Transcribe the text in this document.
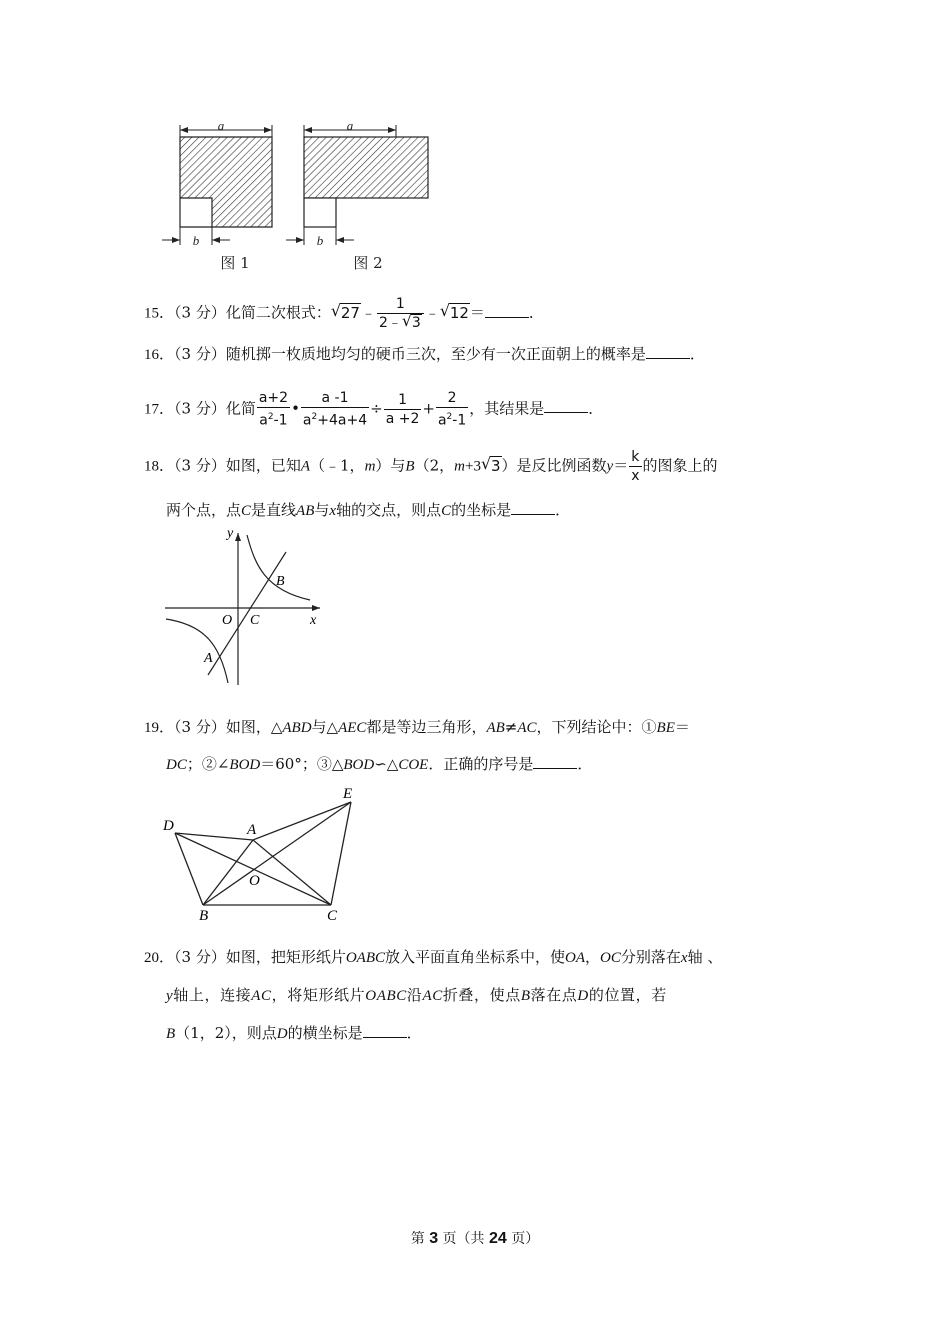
a
b
图 1
a
b
图 2
15．（3 分）化简二次根式： √ 27﹣ $\frac{1}{2﹣ √ 3}$ ﹣ √ 12＝	．
16．（3 分）随机掷一枚质地均匀的硬币三次，至少有一次正面朝上的概率是	．
17．（3 分）化简 $\frac{a+2}{a^2-1}$ • $\frac{a -1}{a^2+4a+4} \div \frac{1}{a +2} + \frac{2}{a^2-1}$ ，其结果是	．
18．（3 分）如图，已知A（﹣1，m）与B（2，m+3 √ 3）是反比例函数$y= \frac{k}{x}$ 的图象上的
两个点，点C是直线AB与x轴的交点，则点C的坐标是	．
y
x
O C
B
A
19．（3 分）如图，△ABD与△AEC都是等边三角形，AB≠AC，下列结论中：①BE＝
DC；②∠BOD＝60°；③△BOD∽△COE．正确的序号是	．
D	A
E
O
B	C
20．（3 分）如图，把矩形纸片OABC放入平面直角坐标系中，使OA，OC分别落在x轴 、
y轴上，连接AC，将矩形纸片OABC沿AC折叠，使点B落在点D的位置，若
B（1，2），则点D的横坐标是	．
第 3 页（共 24 页）
